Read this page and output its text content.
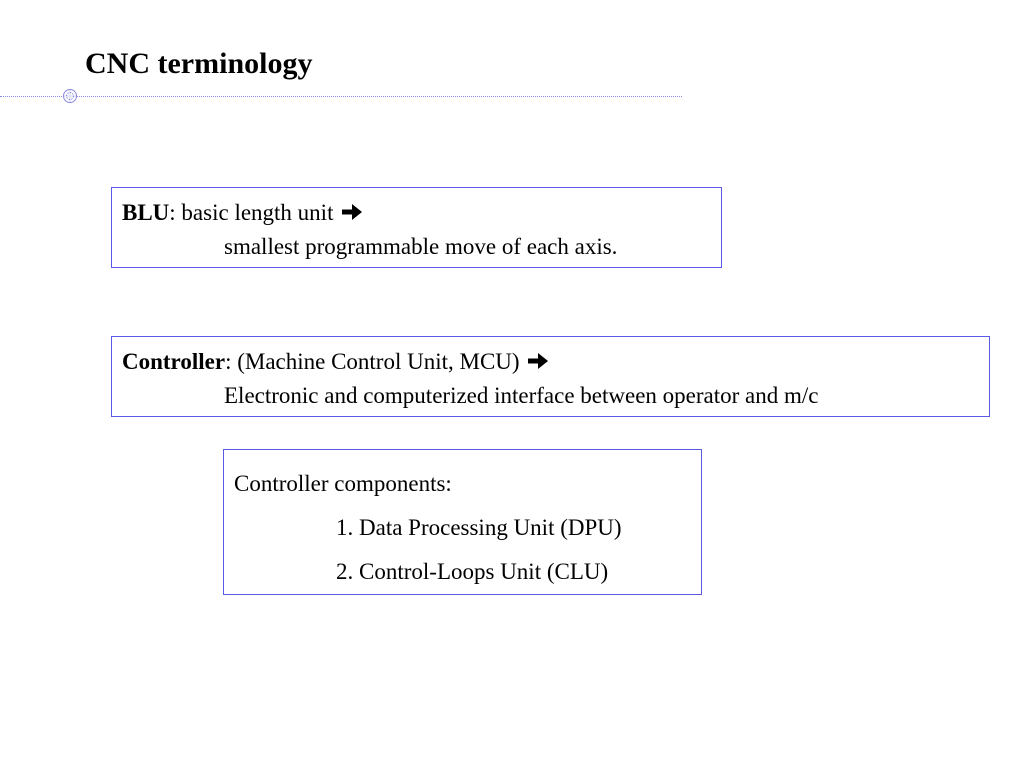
CNC terminology
BLU: basic length unit
smallest programmable move of each axis.
Controller: (Machine Control Unit, MCU)
Electronic and computerized interface between operator and m/c
Controller components:
1. Data Processing Unit (DPU)
2. Control-Loops Unit (CLU)
